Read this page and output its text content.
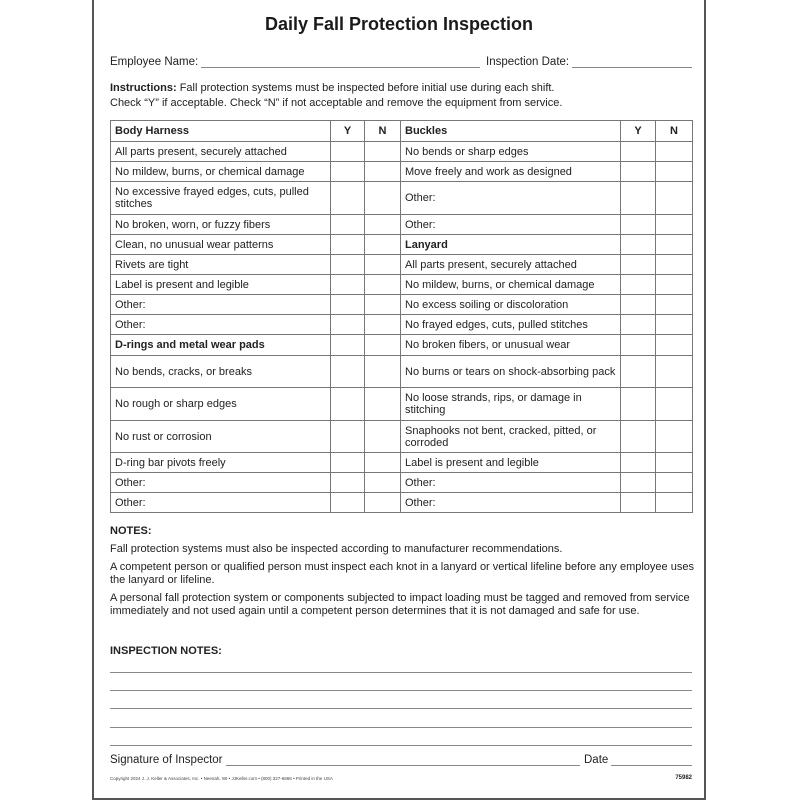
Daily Fall Protection Inspection
Employee Name:	Inspection Date:
Instructions: Fall protection systems must be inspected before initial use during each shift.
Check “Y” if acceptable. Check “N” if not acceptable and remove the equipment from service.
Body Harness	Y	N	Buckles	Y	N
All parts present, securely attached			No bends or sharp edges		
No mildew, burns, or chemical damage			Move freely and work as designed		
No excessive frayed edges, cuts, pulled stitches			Other:		
No broken, worn, or fuzzy fibers			Other:		
Clean, no unusual wear patterns			Lanyard		
Rivets are tight			All parts present, securely attached		
Label is present and legible			No mildew, burns, or chemical damage		
Other:			No excess soiling or discoloration		
Other:			No frayed edges, cuts, pulled stitches		
D-rings and metal wear pads			No broken fibers, or unusual wear		
No bends, cracks, or breaks			No burns or tears on shock-absorbing pack		
No rough or sharp edges			No loose strands, rips, or damage in stitching		
No rust or corrosion			Snaphooks not bent, cracked, pitted, or corroded		
D-ring bar pivots freely			Label is present and legible		
Other:			Other:		
Other:			Other:		
NOTES:
Fall protection systems must also be inspected according to manufacturer recommendations.
A competent person or qualified person must inspect each knot in a lanyard or vertical lifeline before any employee uses the lanyard or lifeline.
A personal fall protection system or components subjected to impact loading must be tagged and removed from service immediately and not used again until a competent person determines that it is not damaged and safe for use.
INSPECTION NOTES:
Signature of Inspector	Date
Copyright 2024 J. J. Keller & Associates, Inc. • Neenah, WI • JJKeller.com • (800) 327-6868 • Printed in the USA	75982
